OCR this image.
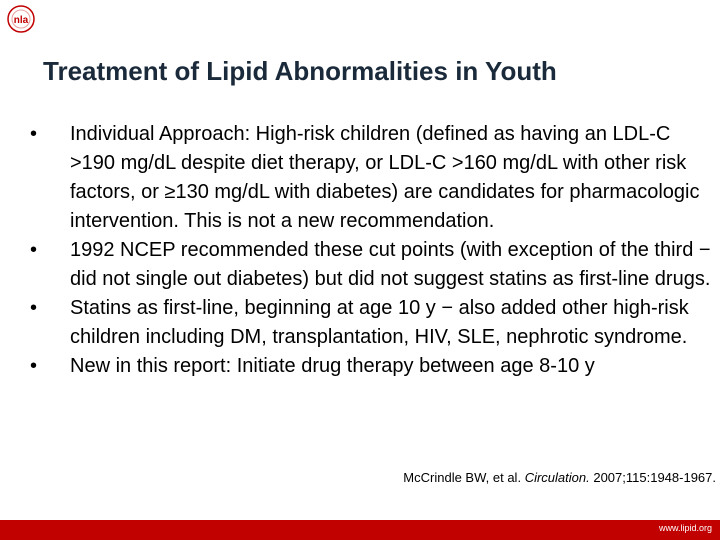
nla
Treatment of Lipid Abnormalities in Youth
•	Individual Approach: High-risk children (defined as having an LDL-C >190 mg/dL despite diet therapy, or LDL-C >160 mg/dL with other risk factors, or ≥130 mg/dL with diabetes) are candidates for pharmacologic intervention. This is not a new recommendation.
•	1992 NCEP recommended these cut points (with exception of the third − did not single out diabetes) but did not suggest statins as first-line drugs.
•	Statins as first-line, beginning at age 10 y − also added other high-risk children including DM, transplantation, HIV, SLE, nephrotic syndrome.
•	New in this report: Initiate drug therapy between age 8-10 y
McCrindle BW, et al. Circulation. 2007;115:1948-1967.
www.lipid.org
